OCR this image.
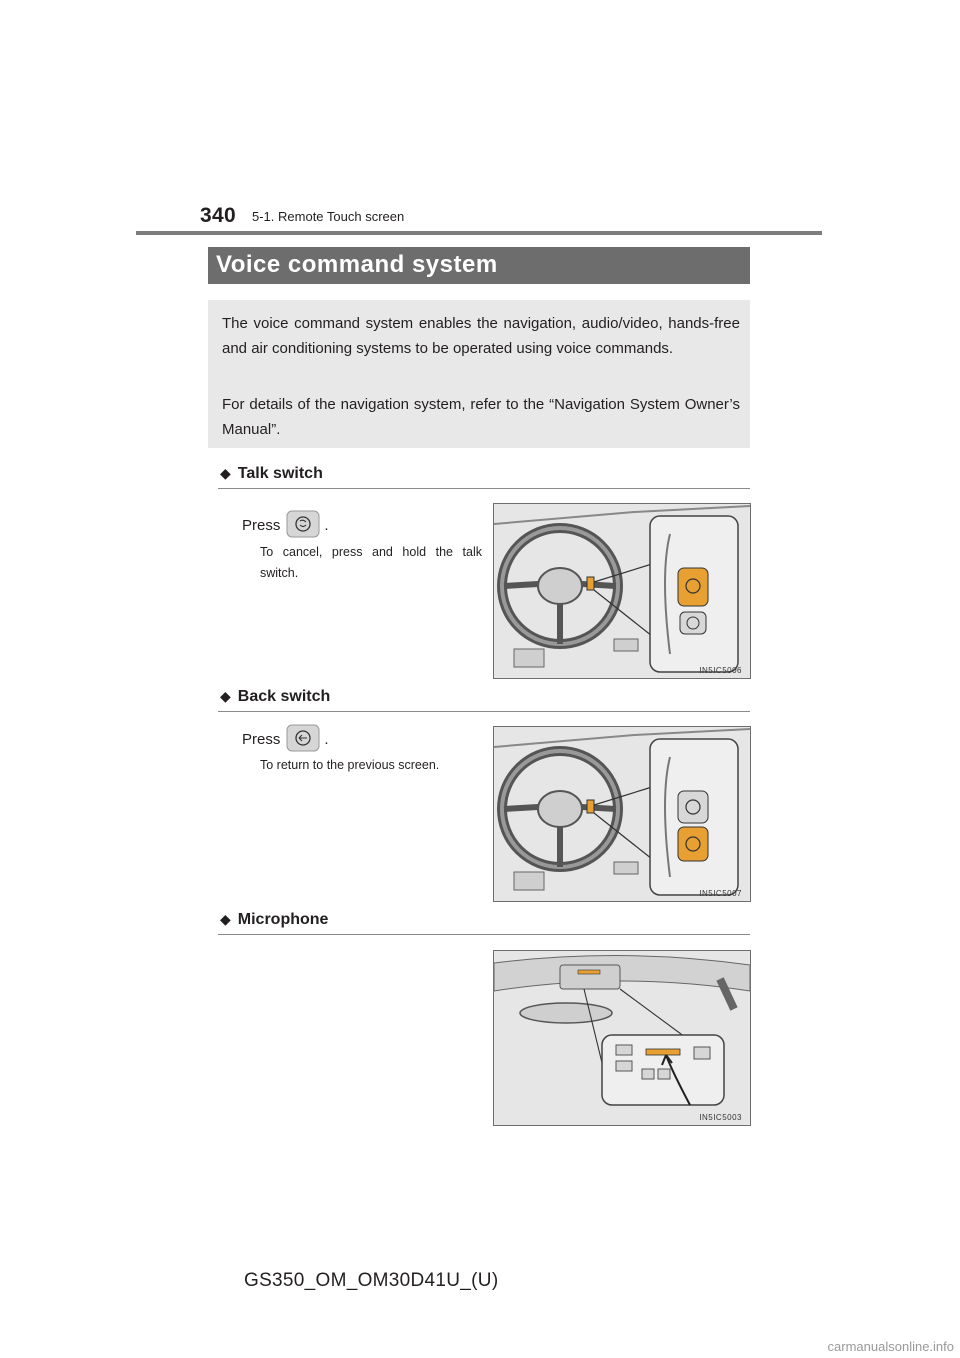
340 5-1. Remote Touch screen
Voice command system
The voice command system enables the navigation, audio/video, hands-free and air conditioning systems to be operated using voice commands.
For details of the navigation system, refer to the “Navigation System Owner’s Manual”.
◆ Talk switch
Press	.
To cancel, press and hold the talk switch.
IN5IC5006
◆ Back switch
Press	.
To return to the previous screen.
IN5IC5007
◆ Microphone
IN5IC5003
GS350_OM_OM30D41U_(U)
carmanualsonline.info
